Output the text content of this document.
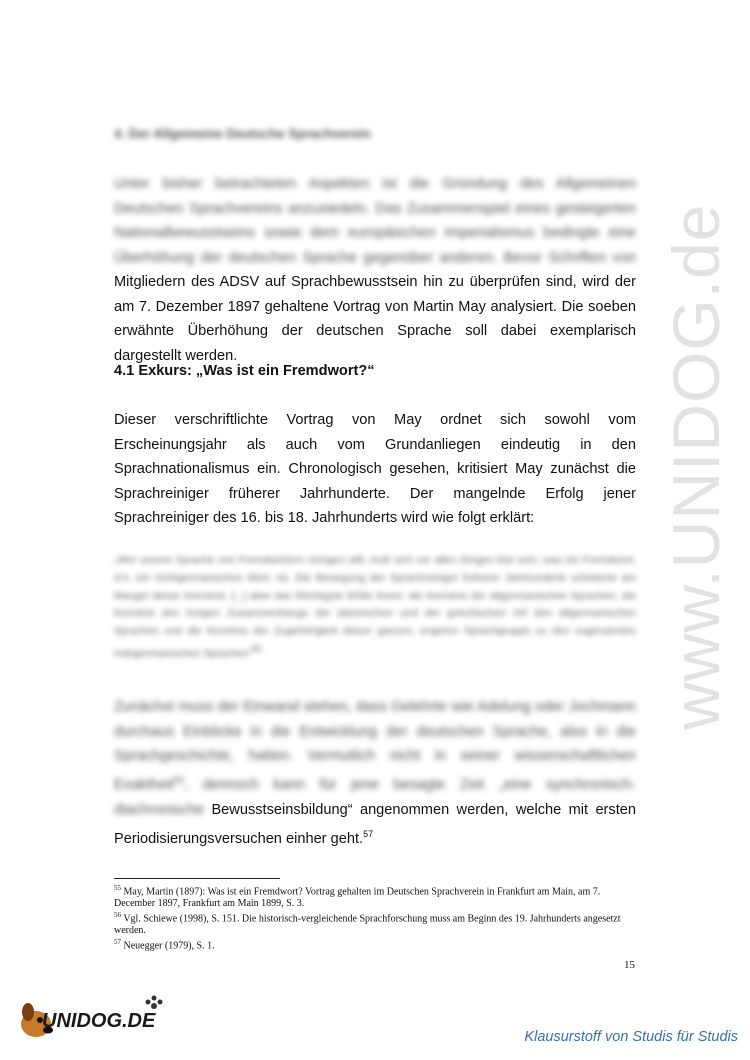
4. Der Allgemeine Deutsche Sprachverein
Unter bisher betrachteten Aspekten ist die Gründung des Allgemeinen Deutschen Sprachvereins anzusiedeln. Das Zusammenspiel eines gesteigerten Nationalbewusstseins sowie dem europäischen Imperialismus bedingte eine Überhöhung der deutschen Sprache gegenüber anderen. Bevor Schriften von Mitgliedern des ADSV auf Sprachbewusstsein hin zu überprüfen sind, wird der am 7. Dezember 1897 gehaltene Vortrag von Martin May analysiert. Die soeben erwähnte Überhöhung der deutschen Sprache soll dabei exemplarisch dargestellt werden.
4.1 Exkurs: „Was ist ein Fremdwort?“
Dieser verschriftlichte Vortrag von May ordnet sich sowohl vom Erscheinungsjahr als auch vom Grundanliegen eindeutig in den Sprachnationalismus ein. Chronologisch gesehen, kritisiert May zunächst die Sprachreiniger früherer Jahrhunderte. Der mangelnde Erfolg jener Sprachreiniger des 16. bis 18. Jahrhunderts wird wie folgt erklärt:
„Wer unsere Sprache von Fremdwörtern reinigen will, muß sich vor allen Dingen klar sein, was ein Fremdwort, d.h. ein nichtgermanisches Wort, ist. Die Bewegung der Sprachreiniger früherer Jahrhunderte scheiterte am Mangel dieser Kenntnis. [...] aber das Wichtigste fehlte ihnen: die Kenntnis der altgermanischen Sprachen, die Kenntnis des innigen Zusammenhangs der lateinischen und der griechischen mit den altgermanischen Sprachen und die Kenntnis der Zugehörigkeit dieser ganzen, engeren Sprachgruppe zu den sogenannten Indogermanischen Sprachen“$^{55}$
Zunächst muss der Einwand stehen, dass Gelehrte wie Adelung oder Jochmann durchaus Einblicke in die Entwicklung der deutschen Sprache, also in die Sprachgeschichte, hatten. Vermutlich nicht in seiner wissenschaftlichen Exaktheit$^{56}$, dennoch kann für jene besagte Zeit „eine synchronisch-diachronische Bewusstseinsbildung“ angenommen werden, welche mit ersten Periodisierungsversuchen einher geht.$^{57}$
$^{55}$ May, Martin (1897): Was ist ein Fremdwort? Vortrag gehalten im Deutschen Sprachverein in Frankfurt am Main, am 7. December 1897, Frankfurt am Main 1899, S. 3.
$^{56}$ Vgl. Schiewe (1998), S. 151. Die historisch-vergleichende Sprachforschung muss am Beginn des 19. Jahrhunderts angesetzt werden.
$^{57}$ Neuegger (1979), S. 1.
15
www.UNIDOG.de
UNIDOG.DE
Klausurstoff von Studis für Studis
